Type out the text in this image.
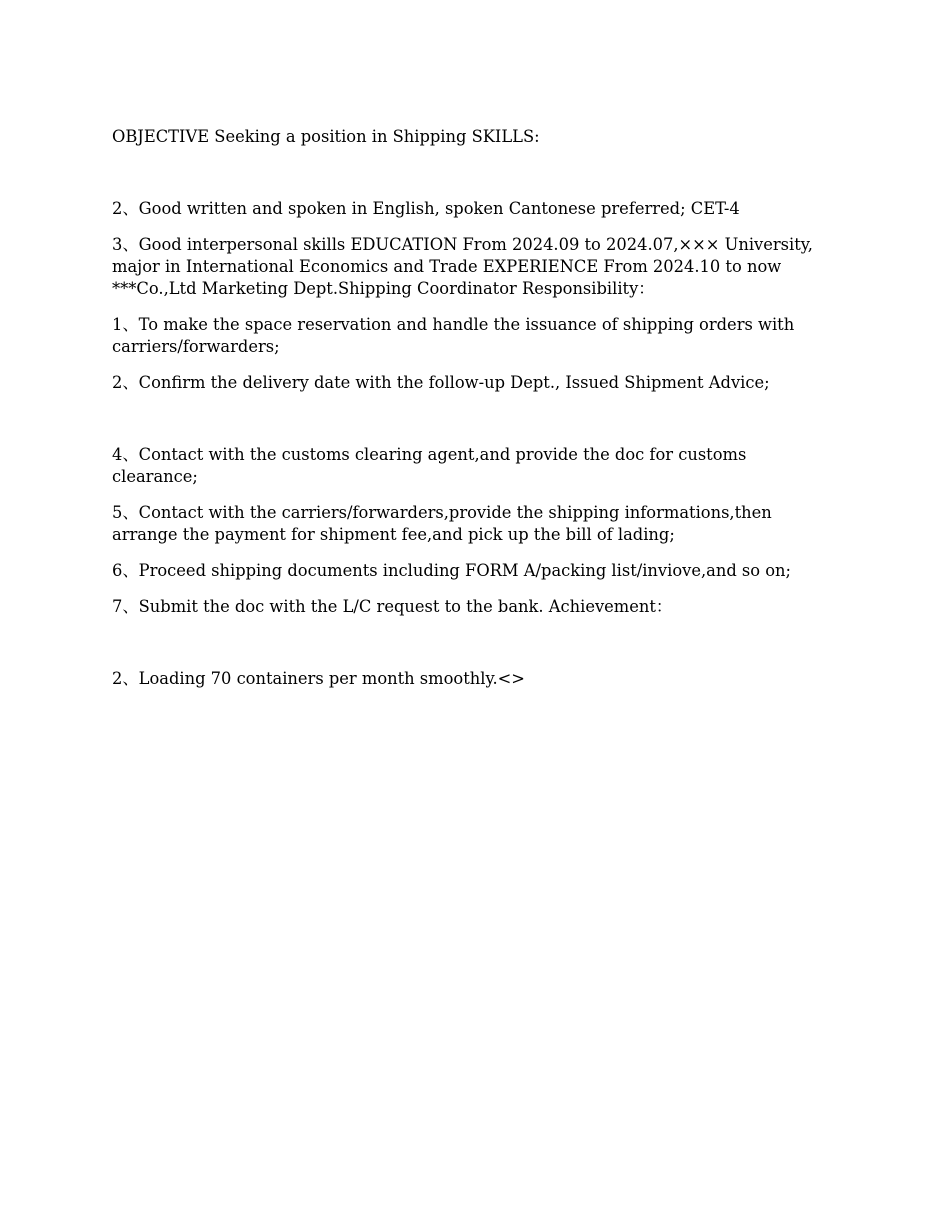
OBJECTIVE Seeking a position in Shipping SKILLS:

2、Good written and spoken in English, spoken Cantonese preferred; CET-4

3、Good interpersonal skills EDUCATION From 2024.09 to 2024.07,××× University, major in International Economics and Trade EXPERIENCE From 2024.10 to now ***Co.,Ltd Marketing Dept.Shipping Coordinator Responsibility：

1、To make the space reservation and handle the issuance of shipping orders with carriers/forwarders;

2、Confirm the delivery date with the follow-up Dept., Issued Shipment Advice;

4、Contact with the customs clearing agent,and provide the doc for customs clearance;

5、Contact with the carriers/forwarders,provide the shipping informations,then arrange the payment for shipment fee,and pick up the bill of lading;

6、Proceed shipping documents including FORM A/packing list/inviove,and so on;

7、Submit the doc with the L/C request to the bank. Achievement：

2、Loading 70 containers per month smoothly.<>
